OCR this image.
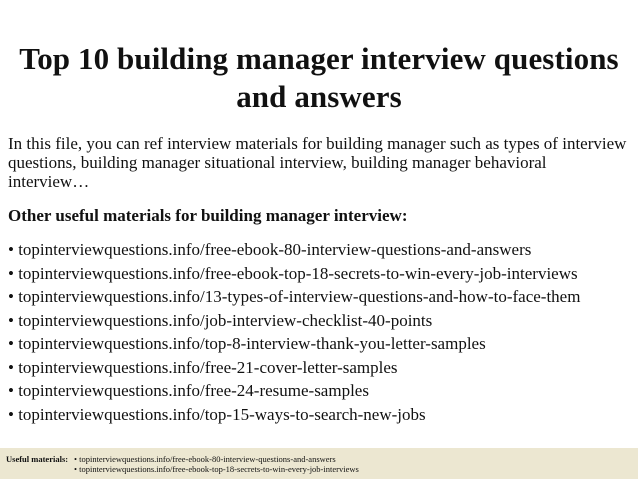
Top 10 building manager interview questions and answers
In this file, you can ref interview materials for building manager such as types of interview questions, building manager situational interview, building manager behavioral interview…
Other useful materials for building manager interview:
• topinterviewquestions.info/free-ebook-80-interview-questions-and-answers
• topinterviewquestions.info/free-ebook-top-18-secrets-to-win-every-job-interviews
• topinterviewquestions.info/13-types-of-interview-questions-and-how-to-face-them
• topinterviewquestions.info/job-interview-checklist-40-points
• topinterviewquestions.info/top-8-interview-thank-you-letter-samples
• topinterviewquestions.info/free-21-cover-letter-samples
• topinterviewquestions.info/free-24-resume-samples
• topinterviewquestions.info/top-15-ways-to-search-new-jobs
Useful materials: • topinterviewquestions.info/free-ebook-80-interview-questions-and-answers
• topinterviewquestions.info/free-ebook-top-18-secrets-to-win-every-job-interviews
